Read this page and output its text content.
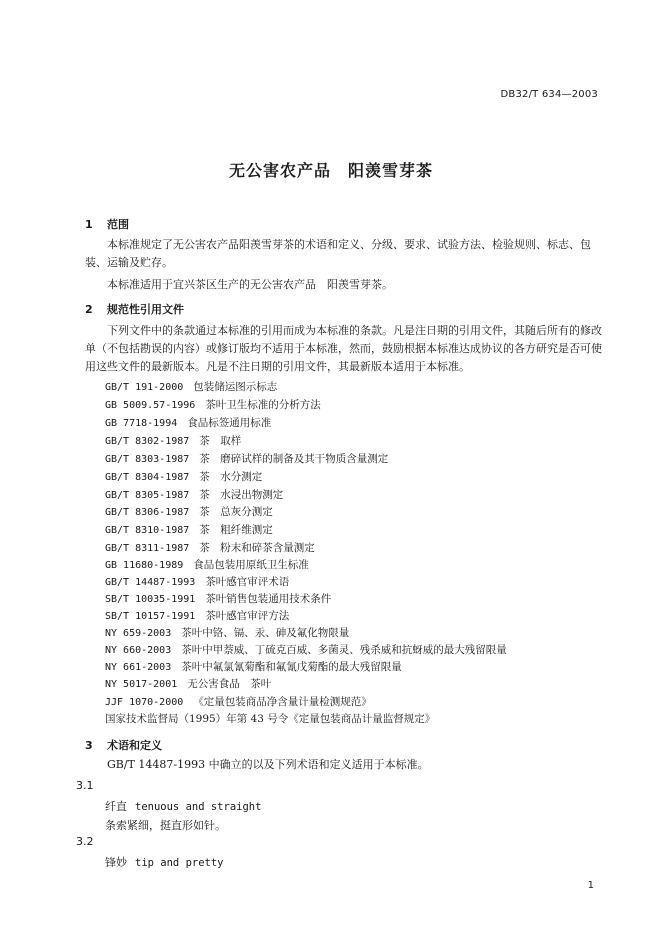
DB32/T 634—2003
无公害农产品　阳羡雪芽茶
1 范围
本标准规定了无公害农产品阳羡雪芽茶的术语和定义、分级、要求、试验方法、检验规则、标志、包装、运输及贮存。
本标准适用于宜兴茶区生产的无公害农产品　阳羡雪芽茶。
2 规范性引用文件
下列文件中的条款通过本标准的引用而成为本标准的条款。凡是注日期的引用文件，其随后所有的修改单（不包括勘误的内容）或修订版均不适用于本标准，然而，鼓励根据本标准达成协议的各方研究是否可使用这些文件的最新版本。凡是不注日期的引用文件，其最新版本适用于本标准。
GB/T 191-2000 包装储运图示标志
GB 5009.57-1996 茶叶卫生标准的分析方法
GB 7718-1994 食品标签通用标准
GB/T 8302-1987 茶　取样
GB/T 8303-1987 茶　磨碎试样的制备及其干物质含量测定
GB/T 8304-1987 茶　水分测定
GB/T 8305-1987 茶　水浸出物测定
GB/T 8306-1987 茶　总灰分测定
GB/T 8310-1987 茶　粗纤维测定
GB/T 8311-1987 茶　粉末和碎茶含量测定
GB 11680-1989 食品包装用原纸卫生标准
GB/T 14487-1993 茶叶感官审评术语
SB/T 10035-1991 茶叶销售包装通用技术条件
SB/T 10157-1991 茶叶感官审评方法
NY 659-2003 茶叶中铬、镉、汞、砷及氟化物限量
NY 660-2003 茶叶中甲萘威、丁硫克百威、多菌灵、残杀威和抗蚜威的最大残留限量
NY 661-2003 茶叶中氟氯氰菊酯和氟氰戊菊酯的最大残留限量
NY 5017-2001 无公害食品　茶叶
JJF 1070-2000 《定量包装商品净含量计量检测规范》
国家技术监督局（1995）年第 43 号令《定量包装商品计量监督规定》
3 术语和定义
GB/T 14487-1993 中确立的以及下列术语和定义适用于本标准。
3.1
纤直 tenuous and straight
条索紧细，挺直形如针。
3.2
锋妙 tip and pretty
1
